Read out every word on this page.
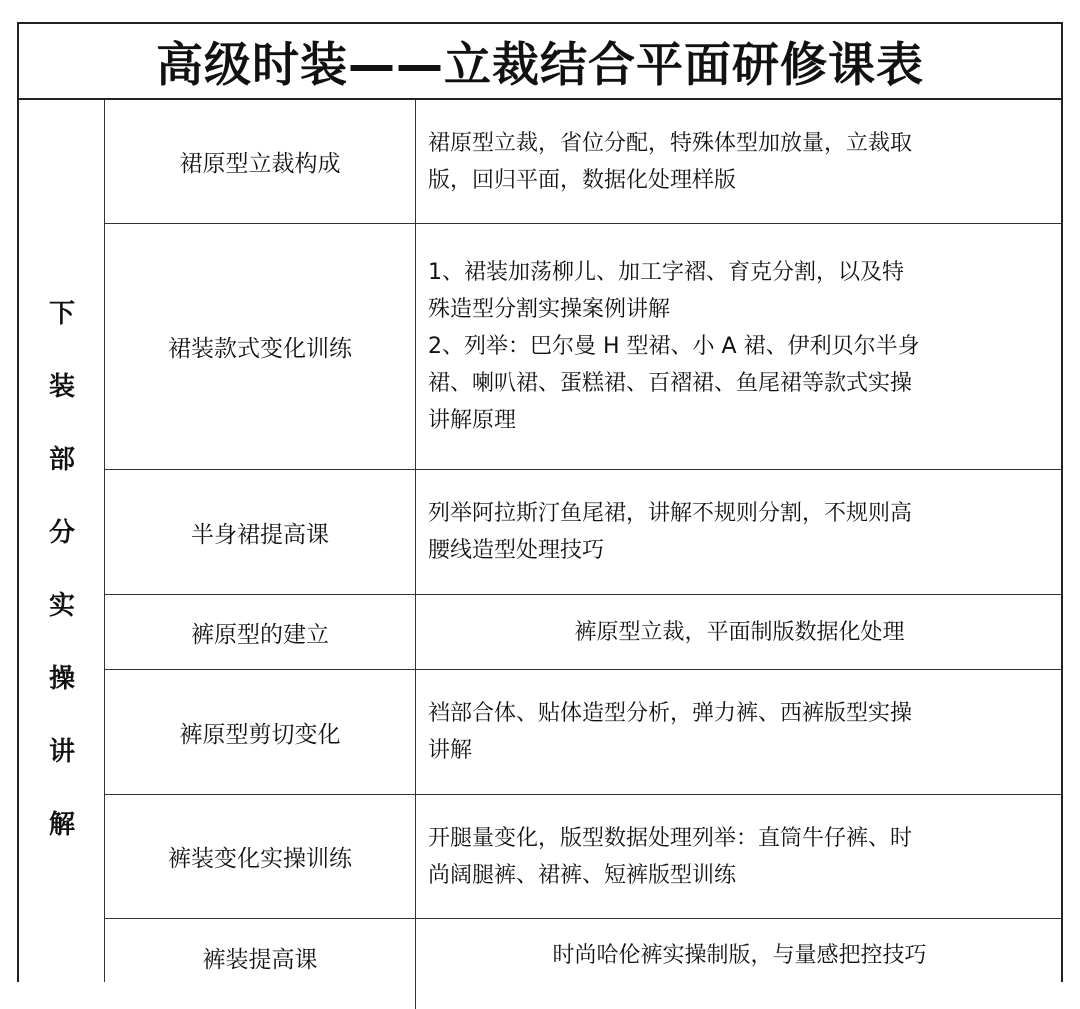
高级时装——立裁结合平面研修课表
下
装
部
分
实
操
讲
解
裙原型立裁构成
裙原型立裁，省位分配，特殊体型加放量，立裁取
版，回归平面，数据化处理样版
裙装款式变化训练
1、裙装加荡柳儿、加工字褶、育克分割，以及特
殊造型分割实操案例讲解
2、列举：巴尔曼 H 型裙、小 A 裙、伊利贝尔半身
裙、喇叭裙、蛋糕裙、百褶裙、鱼尾裙等款式实操
讲解原理
半身裙提高课
列举阿拉斯汀鱼尾裙，讲解不规则分割，不规则高
腰线造型处理技巧
裤原型的建立	裤原型立裁，平面制版数据化处理
裤原型剪切变化
裆部合体、贴体造型分析，弹力裤、西裤版型实操
讲解
裤装变化实操训练
开腿量变化，版型数据处理列举：直筒牛仔裤、时
尚阔腿裤、裙裤、短裤版型训练
裤装提高课	时尚哈伦裤实操制版，与量感把控技巧
